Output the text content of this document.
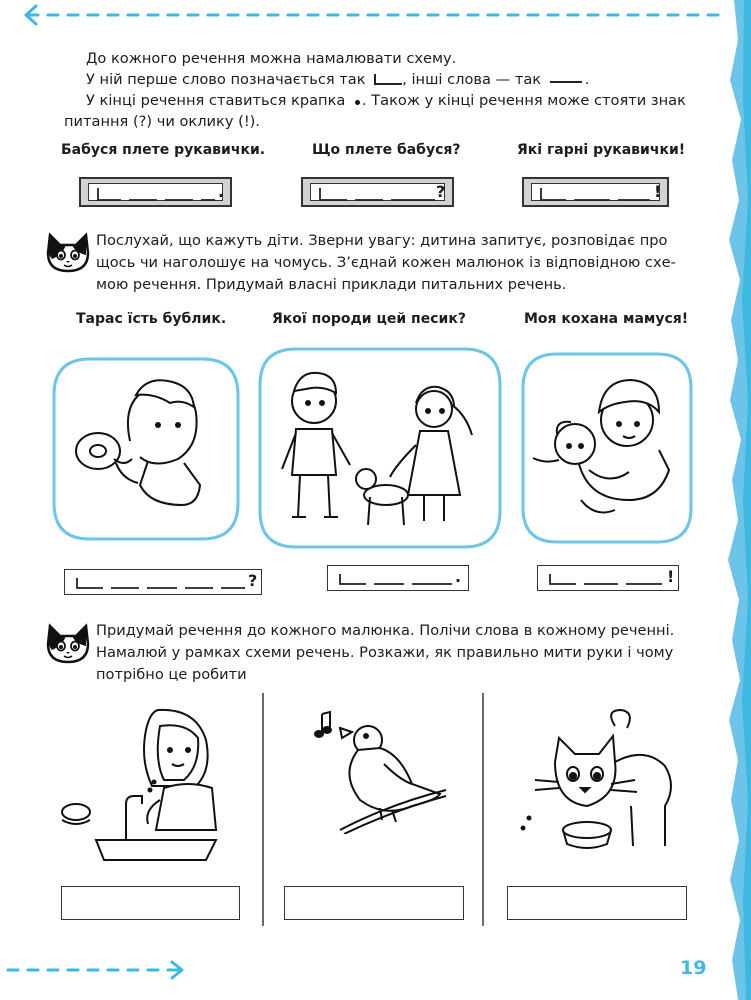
До кожного речення можна намалювати схему.
У ній перше слово позначається так	, інші слова — так	.
У кінці речення ставиться крапка . Також у кінці речення може стояти знак
питання (?) чи оклику (!).
Бабуся плете рукавички.	Що плете бабуся?	Які гарні рукавички!
.	?	!
Послухай, що кажуть діти. Зверни увагу: дитина запитує, розповідає про
щось чи наголошує на чомусь. З’єднай кожен малюнок із відповідною схе-
мою речення. Придумай власні приклади питальних речень.
Тарас їсть бублик.	Якої породи цей песик?	Моя кохана мамуся!
?	.	!
Придумай речення до кожного малюнка. Полічи слова в кожному реченні.
Намалюй у рамках схеми речень. Розкажи, як правильно мити руки і чому
потрібно це робити
19
